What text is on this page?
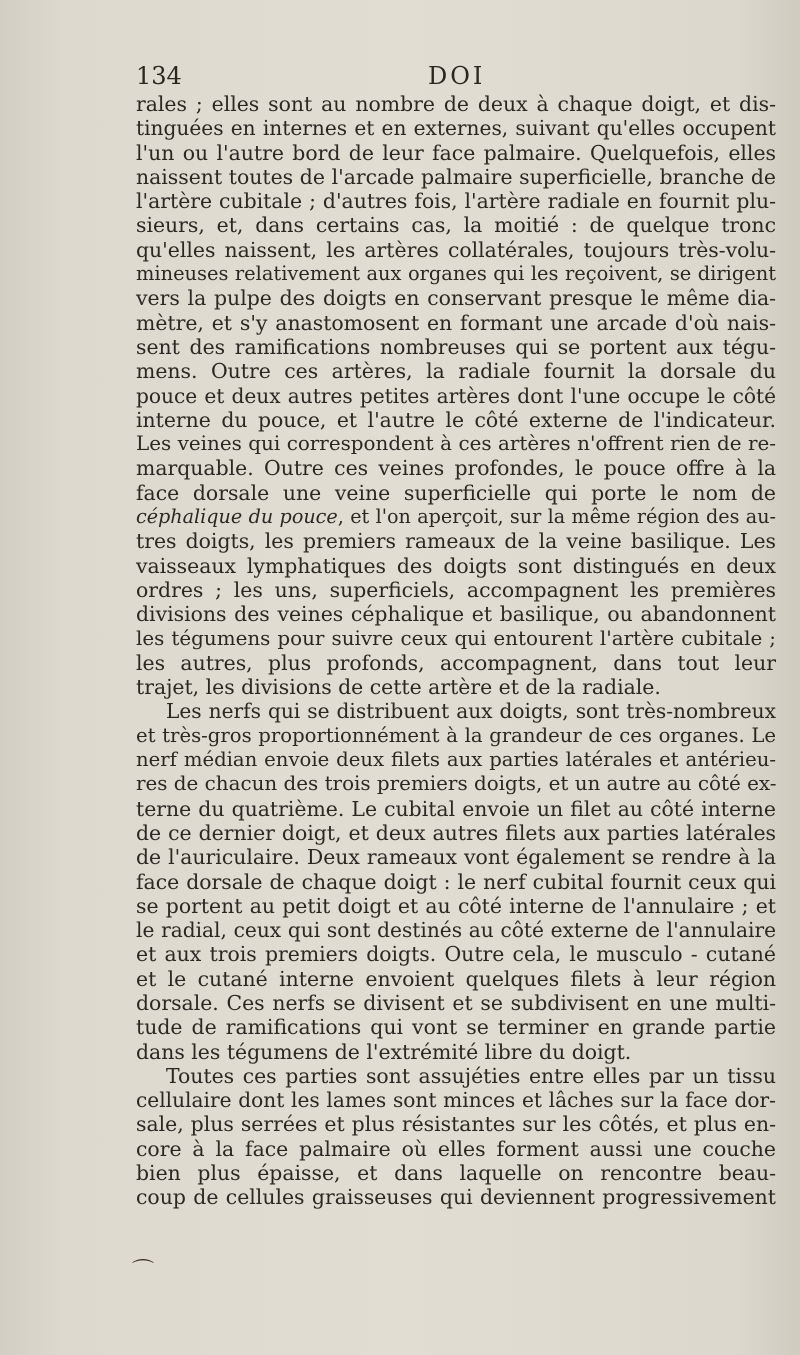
134	DOI
rales ; elles sont au nombre de deux à chaque doigt, et dis-
tinguées en internes et en externes, suivant qu'elles occupent
l'un ou l'autre bord de leur face palmaire. Quelquefois, elles
naissent toutes de l'arcade palmaire superficielle, branche de
l'artère cubitale ; d'autres fois, l'artère radiale en fournit plu-
sieurs, et, dans certains cas, la moitié : de quelque tronc
qu'elles naissent, les artères collatérales, toujours très-volu-
mineuses relativement aux organes qui les reçoivent, se dirigent
vers la pulpe des doigts en conservant presque le même dia-
mètre, et s'y anastomosent en formant une arcade d'où nais-
sent des ramifications nombreuses qui se portent aux tégu-
mens. Outre ces artères, la radiale fournit la dorsale du
pouce et deux autres petites artères dont l'une occupe le côté
interne du pouce, et l'autre le côté externe de l'indicateur.
Les veines qui correspondent à ces artères n'offrent rien de re-
marquable. Outre ces veines profondes, le pouce offre à la
face dorsale une veine superficielle qui porte le nom de
céphalique du pouce, et l'on aperçoit, sur la même région des au-
tres doigts, les premiers rameaux de la veine basilique. Les
vaisseaux lymphatiques des doigts sont distingués en deux
ordres ; les uns, superficiels, accompagnent les premières
divisions des veines céphalique et basilique, ou abandonnent
les tégumens pour suivre ceux qui entourent l'artère cubitale ;
les autres, plus profonds, accompagnent, dans tout leur
trajet, les divisions de cette artère et de la radiale.
Les nerfs qui se distribuent aux doigts, sont très-nombreux
et très-gros proportionnément à la grandeur de ces organes. Le
nerf médian envoie deux filets aux parties latérales et antérieu-
res de chacun des trois premiers doigts, et un autre au côté ex-
terne du quatrième. Le cubital envoie un filet au côté interne
de ce dernier doigt, et deux autres filets aux parties latérales
de l'auriculaire. Deux rameaux vont également se rendre à la
face dorsale de chaque doigt : le nerf cubital fournit ceux qui
se portent au petit doigt et au côté interne de l'annulaire ; et
le radial, ceux qui sont destinés au côté externe de l'annulaire
et aux trois premiers doigts. Outre cela, le musculo - cutané
et le cutané interne envoient quelques filets à leur région
dorsale. Ces nerfs se divisent et se subdivisent en une multi-
tude de ramifications qui vont se terminer en grande partie
dans les tégumens de l'extrémité libre du doigt.
Toutes ces parties sont assujéties entre elles par un tissu
cellulaire dont les lames sont minces et lâches sur la face dor-
sale, plus serrées et plus résistantes sur les côtés, et plus en-
core à la face palmaire où elles forment aussi une couche
bien plus épaisse, et dans laquelle on rencontre beau-
coup de cellules graisseuses qui deviennent progressivement
⌒
